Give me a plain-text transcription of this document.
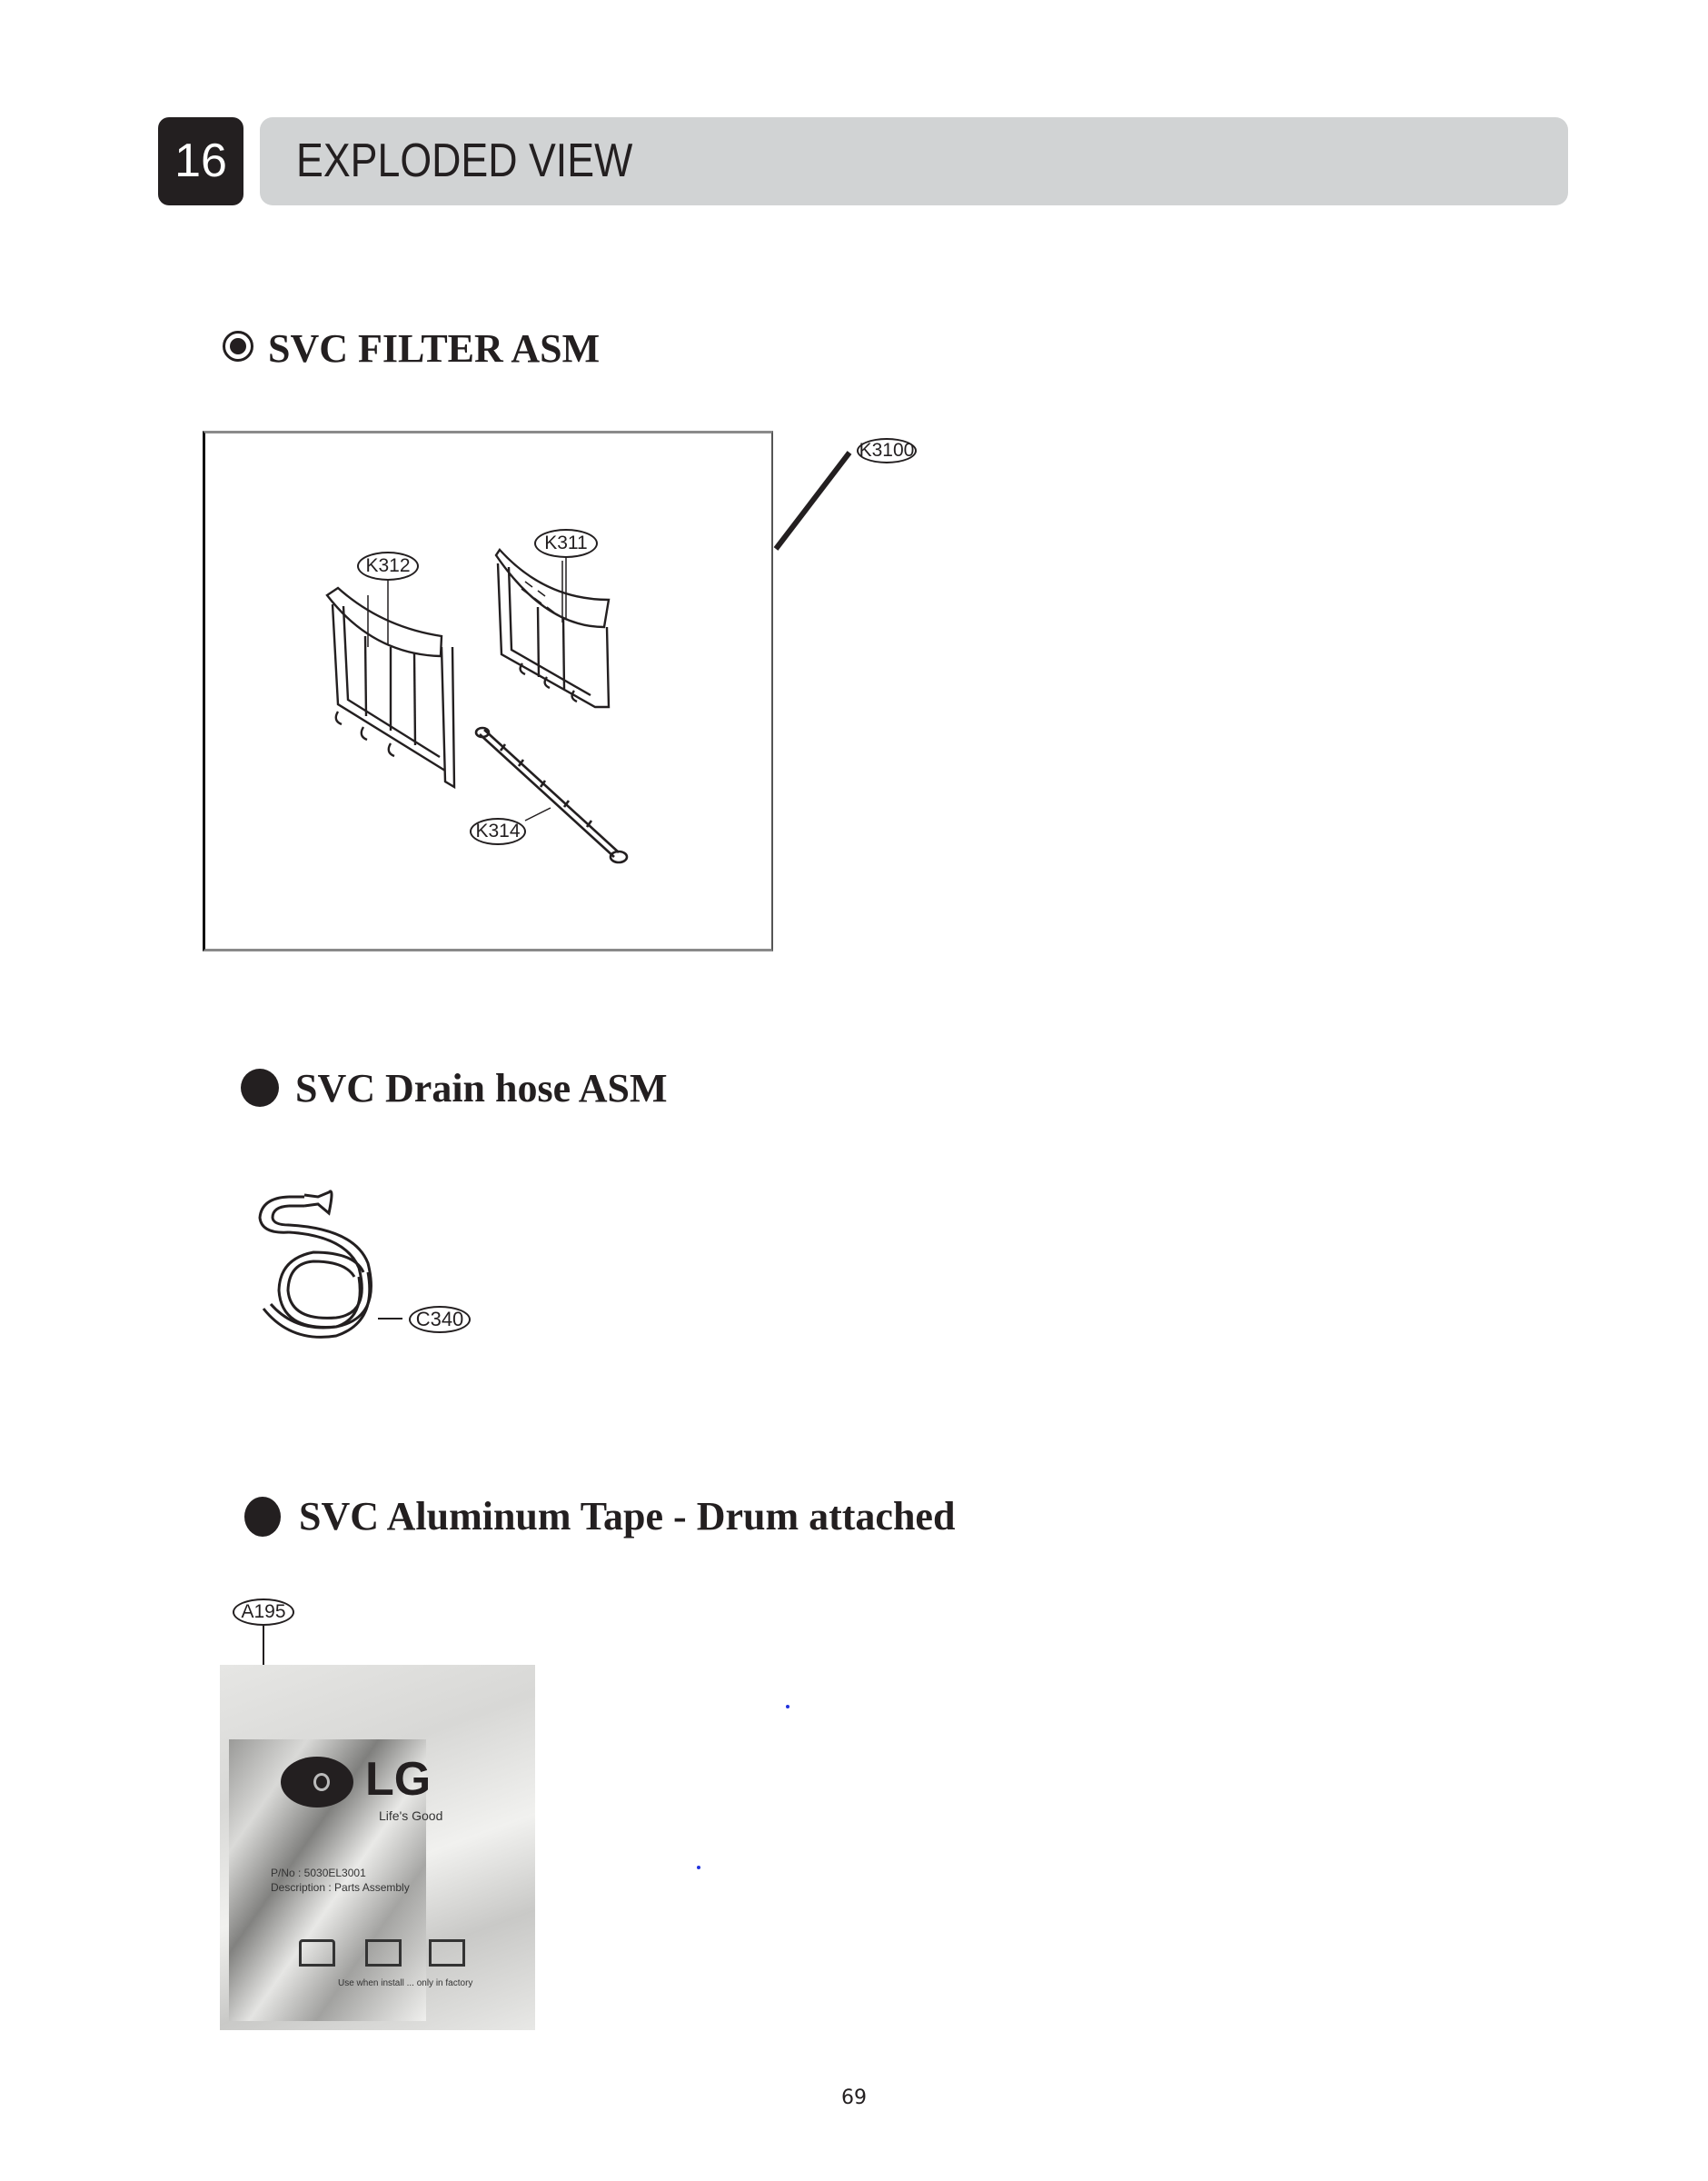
16	EXPLODED VIEW
SVC FILTER ASM
K3100
K312
K311
K314
SVC Drain hose ASM
C340
SVC Aluminum Tape - Drum attached
A195
LG
Life's Good
P/No : 5030EL3001
Description : Parts Assembly
Use when install ... only in factory
69
